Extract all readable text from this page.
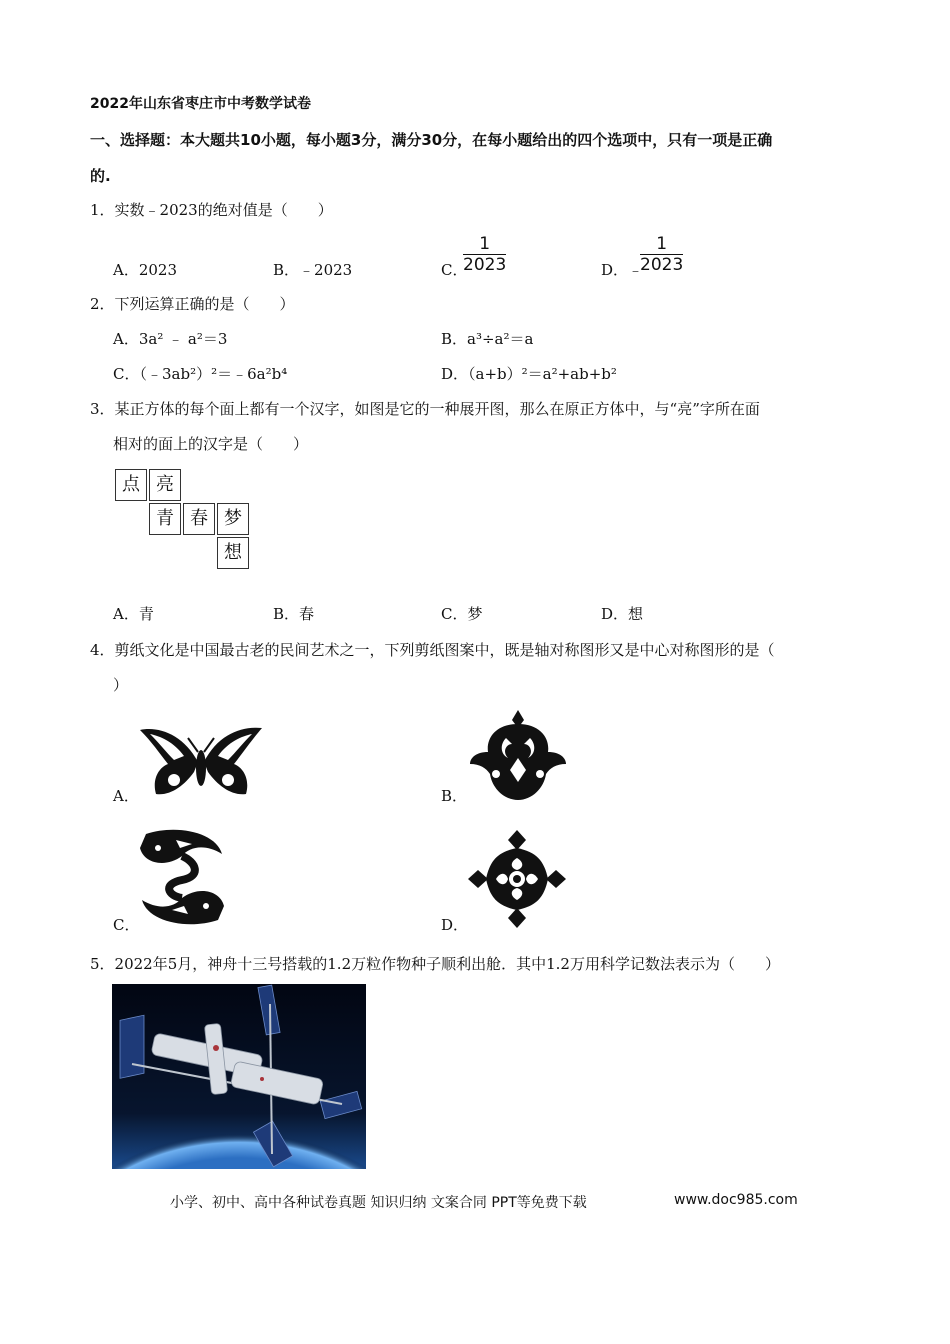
2022年山东省枣庄市中考数学试卷
一、选择题：本大题共10小题，每小题3分，满分30分，在每小题给出的四个选项中，只有一项是正确
的.
1．实数﹣2023的绝对值是（　　）
A．2023	B．﹣2023	C．
$\frac{1}{2023}$	D．﹣
$\frac{1}{2023}$
2．下列运算正确的是（　　）
A．3a² ﹣ a²＝3	B．a³÷a²＝a
C．（﹣3ab²）²＝﹣6a²b⁴	D．（a+b）²＝a²+ab+b²
3．某正方体的每个面上都有一个汉字，如图是它的一种展开图，那么在原正方体中，与“亮”字所在面
相对的面上的汉字是（　　）
点 亮
青 春 梦
想
A．青	B．春	C．梦	D．想
4．剪纸文化是中国最古老的民间艺术之一，下列剪纸图案中，既是轴对称图形又是中心对称图形的是（
）
A．	B．
C．	D．
5．2022年5月，神舟十三号搭载的1.2万粒作物种子顺利出舱．其中1.2万用科学记数法表示为（　　）
小学、初中、高中各种试卷真题 知识归纳 文案合同 PPT等免费下载	www.doc985.com
